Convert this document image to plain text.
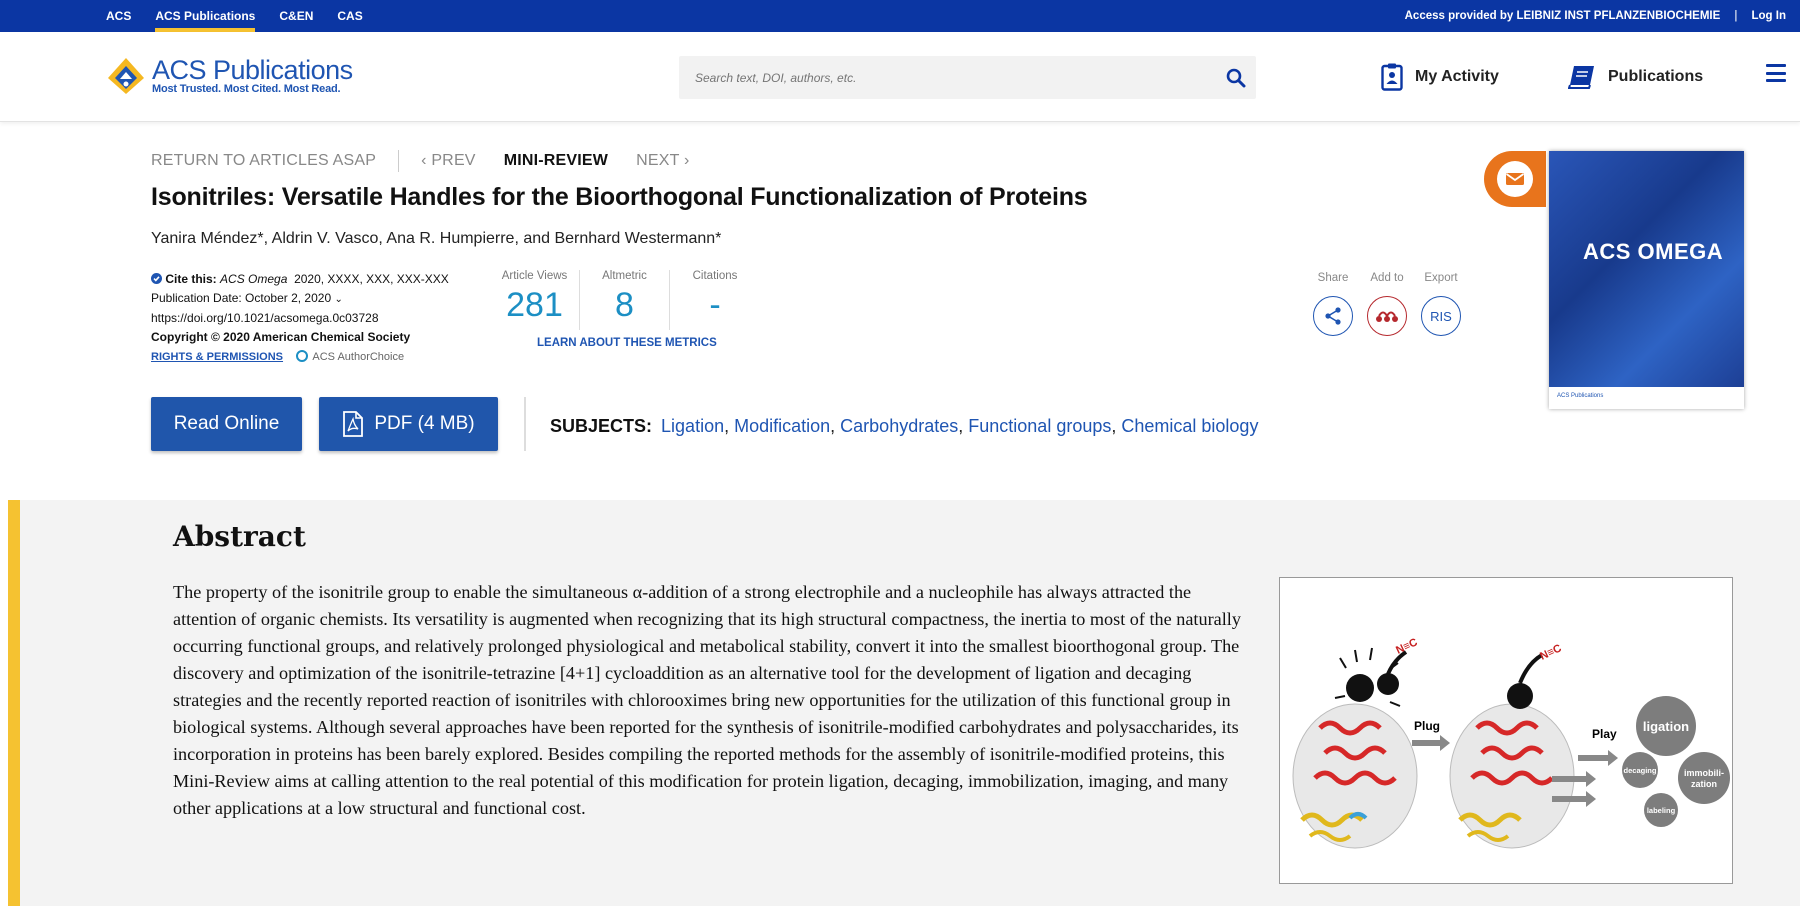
ACS	ACS Publications	C&EN	CAS	Access provided by LEIBNIZ INST PFLANZENBIOCHEMIE | Log In
ACS Publications
Most Trusted. Most Cited. Most Read.
Search text, DOI, authors, etc.
My Activity	Publications
RETURN TO ARTICLES ASAP	‹ PREV MINI-REVIEW NEXT ›
Isonitriles: Versatile Handles for the Bioorthogonal Functionalization of Proteins
Yanira Méndez*, Aldrin V. Vasco, Ana R. Humpierre, and Bernhard Westermann*
Cite this: ACS Omega 2020, XXXX, XXX, XXX-XXX
Publication Date: October 2, 2020 ⌄
https://doi.org/10.1021/acsomega.0c03728
Copyright © 2020 American Chemical Society
RIGHTS & PERMISSIONS	ACS AuthorChoice
Article Views
281
Altmetric
8
Citations
-
LEARN ABOUT THESE METRICS
Share Add to Export
RIS
ACS OMEGA
ACS Publications
Read Online	PDF (4 MB)	SUBJECTS: Ligation, Modification, Carbohydrates, Functional groups, Chemical biology
Abstract

The property of the isonitrile group to enable the simultaneous α-addition of a strong electrophile and a nucleophile has always attracted the attention of organic chemists. Its versatility is augmented when recognizing that its high structural compactness, the inertia to most of the naturally occurring functional groups, and relatively prolonged physiological and metabolical stability, convert it into the smallest bioorthogonal group. The discovery and optimization of the isonitrile-tetrazine [4+1] cycloaddition as an alternative tool for the development of ligation and decaging strategies and the recently reported reaction of isonitriles with chlorooximes bring new opportunities for the utilization of this functional group in biological systems. Although several approaches have been reported for the synthesis of isonitrile-modified carbohydrates and polysaccharides, its incorporation in proteins has been barely explored. Besides compiling the reported methods for the assembly of isonitrile-modified proteins, this Mini-Review aims at calling attention to the real potential of this modification for protein ligation, decaging, immobilization, imaging, and many other applications at a low structural and functional cost.

N≡C
Plug
N≡C
Play ligation
decaging	immobili-
zation
labeling
